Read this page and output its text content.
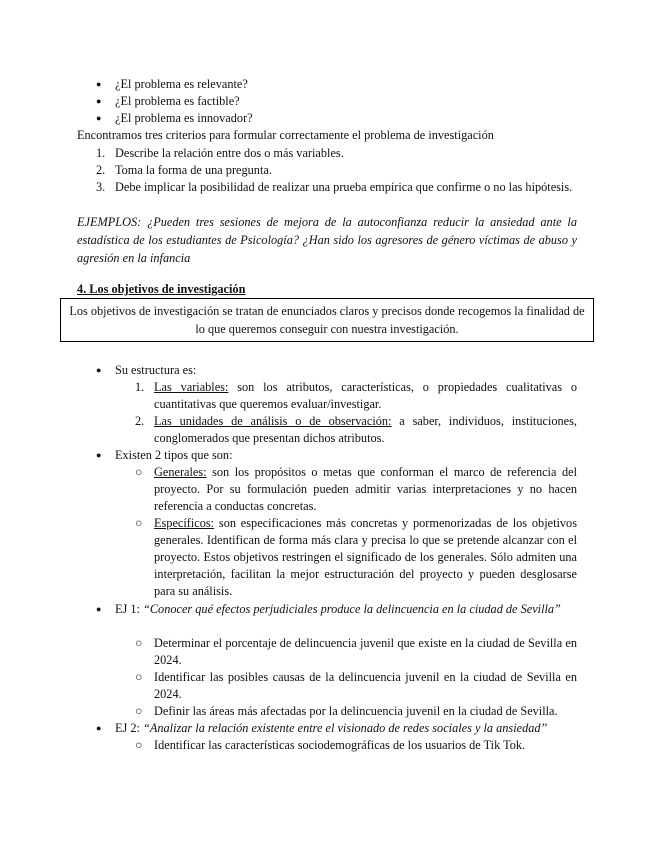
● ¿El problema es relevante?
● ¿El problema es factible?
● ¿El problema es innovador?
Encontramos tres criterios para formular correctamente el problema de investigación
1. Describe la relación entre dos o más variables.
2. Toma la forma de una pregunta.
3. Debe implicar la posibilidad de realizar una prueba empírica que confirme o no las hipótesis.
EJEMPLOS: ¿Pueden tres sesiones de mejora de la autoconfianza reducir la ansiedad ante la estadística de los estudiantes de Psicología? ¿Han sido los agresores de género víctimas de abuso y agresión en la infancia
4. Los objetivos de investigación
Los objetivos de investigación se tratan de enunciados claros y precisos donde recogemos la finalidad de lo que queremos conseguir con nuestra investigación.
● Su estructura es:
1. Las variables: son los atributos, características, o propiedades cualitativas o cuantitativas que queremos evaluar/investigar.
2. Las unidades de análisis o de observación: a saber, individuos, instituciones, conglomerados que presentan dichos atributos.
● Existen 2 tipos que son:
○ Generales: son los propósitos o metas que conforman el marco de referencia del proyecto. Por su formulación pueden admitir varias interpretaciones y no hacen referencia a conductas concretas.
○ Específicos: son especificaciones más concretas y pormenorizadas de los objetivos generales. Identifican de forma más clara y precisa lo que se pretende alcanzar con el proyecto. Estos objetivos restringen el significado de los generales. Sólo admiten una interpretación, facilitan la mejor estructuración del proyecto y pueden desglosarse para su análisis.
● EJ 1: “Conocer qué efectos perjudiciales produce la delincuencia en la ciudad de Sevilla”
○ Determinar el porcentaje de delincuencia juvenil que existe en la ciudad de Sevilla en 2024.
○ Identificar las posibles causas de la delincuencia juvenil en la ciudad de Sevilla en 2024.
○ Definir las áreas más afectadas por la delincuencia juvenil en la ciudad de Sevilla.
● EJ 2: “Analizar la relación existente entre el visionado de redes sociales y la ansiedad”
○ Identificar las características sociodemográficas de los usuarios de Tik Tok.
